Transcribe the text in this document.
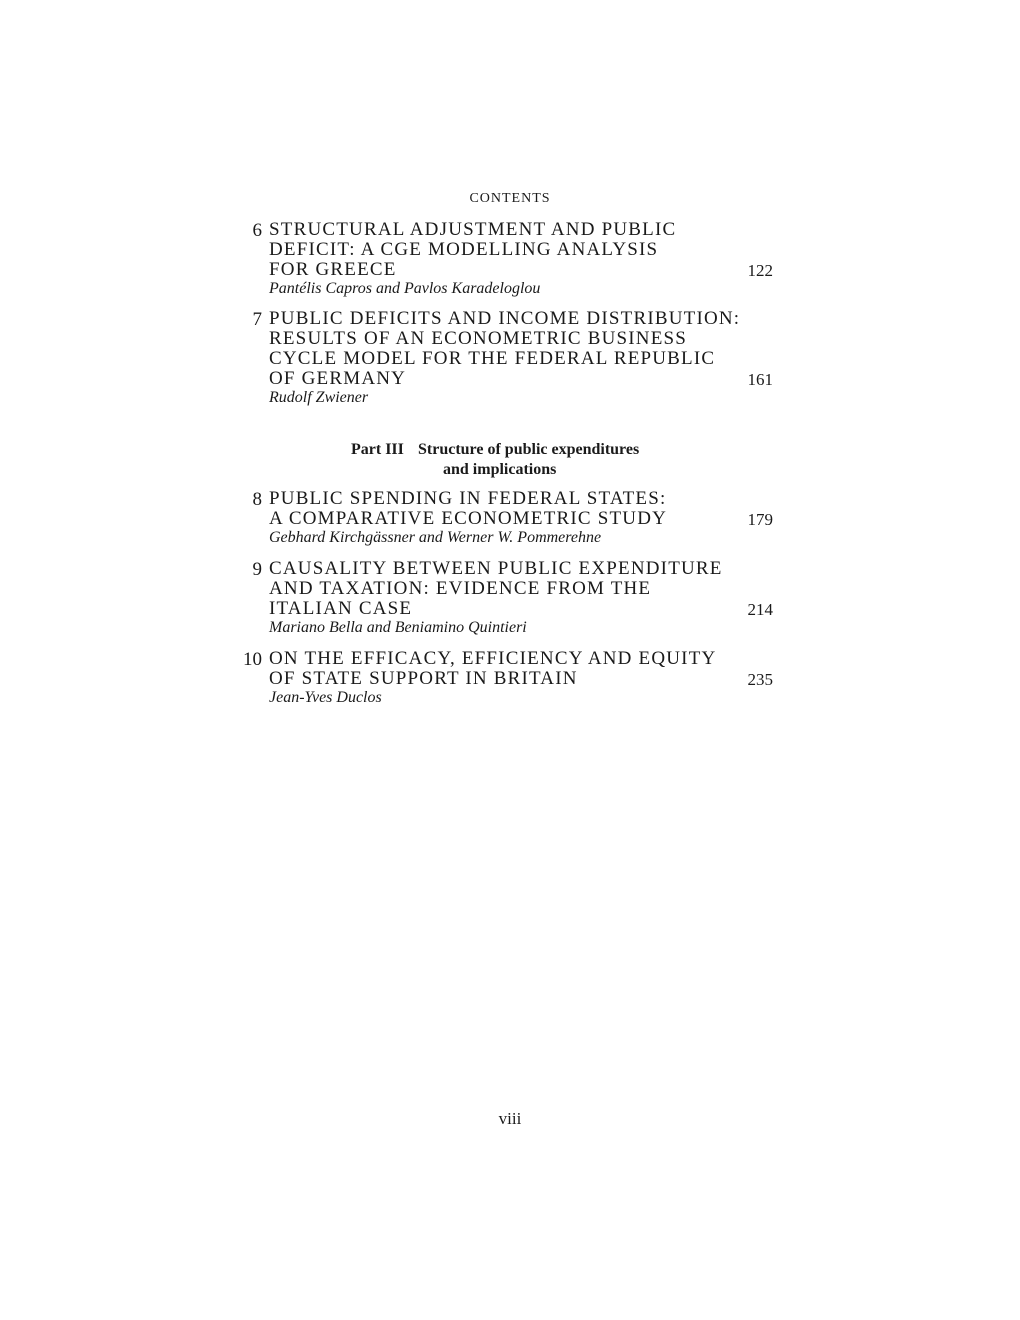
CONTENTS
6 STRUCTURAL ADJUSTMENT AND PUBLIC
DEFICIT: A CGE MODELLING ANALYSIS
FOR GREECE	122
Pantélis Capros and Pavlos Karadeloglou
7 PUBLIC DEFICITS AND INCOME DISTRIBUTION:
RESULTS OF AN ECONOMETRIC BUSINESS
CYCLE MODEL FOR THE FEDERAL REPUBLIC
OF GERMANY	161
Rudolf Zwiener
Part III Structure of public expenditures
and implications
8 PUBLIC SPENDING IN FEDERAL STATES:
A COMPARATIVE ECONOMETRIC STUDY	179
Gebhard Kirchgässner and Werner W. Pommerehne
9 CAUSALITY BETWEEN PUBLIC EXPENDITURE
AND TAXATION: EVIDENCE FROM THE
ITALIAN CASE	214
Mariano Bella and Beniamino Quintieri
10 ON THE EFFICACY, EFFICIENCY AND EQUITY
OF STATE SUPPORT IN BRITAIN	235
Jean-Yves Duclos
viii
